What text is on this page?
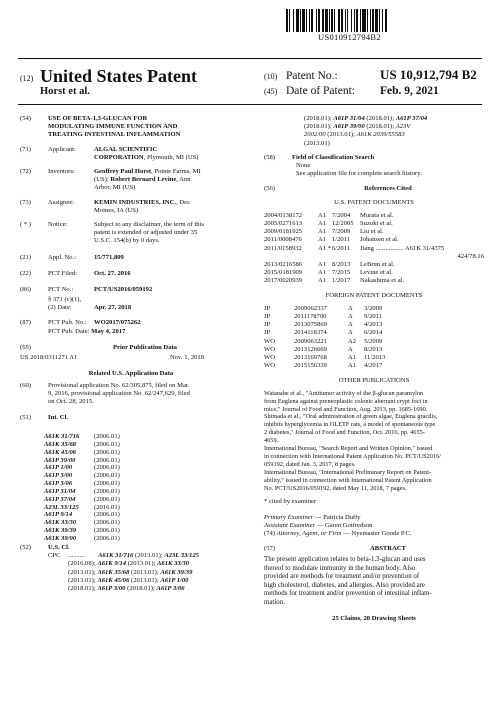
US010912794B2
(12) United States Patent
Horst et al.
(10) Patent No.:	US 10,912,794 B2
(45) Date of Patent:	Feb. 9, 2021
(54)	USE OF BETA-1,3-GLUCAN FOR
MODULATING IMMUNE FUNCTION AND
TREATING INTESTINAL INFLAMMATION
(71)	Applicant:	ALGAL SCIENTIFIC
CORPORATION, Plymouth, MI (US)
(72)	Inventors:	Geoffrey Paul Horst, Pointe Farms, MI
(US); Robert Bernard Levine, Ann
Arbor, MI (US)
(73)	Assignee:	KEMIN INDUSTRIES, INC., Des
Moines, IA (US)
( * )	Notice:	Subject to any disclaimer, the term of this
patent is extended or adjusted under 35
U.S.C. 154(b) by 0 days.
(21)	Appl. No.:	15/771,809
(22)	PCT Filed:	Oct. 27, 2016
(86)	PCT No.:	PCT/US2016/059192
§ 371 (c)(1),
(2) Date:	Apr. 27, 2018
(87)	PCT Pub. No.:	WO2017/075262
PCT Pub. Date: May 4, 2017
(65)	Prior Publication Data
US 2018/0311271 A1	Nov. 1, 2018
Related U.S. Application Data
(60)	Provisional application No. 62/305,875, filed on Mar.
9, 2016, provisional application No. 62/247,629, filed
on Oct. 28, 2015.
(51)	Int. Cl.
A61K 31/716	(2006.01)
A61K 35/68	(2006.01)
A61K 45/06	(2006.01)
A61P 39/00	(2006.01)
A61P 1/00	(2006.01)
A61P 3/00	(2006.01)
A61P 3/06	(2006.01)
A61P 31/04	(2006.01)
A61P 37/04	(2006.01)
A23L 33/125	(2016.01)
A61P 9/14	(2006.01)
A61K 33/30	(2006.01)
A61K 39/39	(2006.01)
A61K 39/00	(2006.01)
(52)	U.S. Cl.
CPC	..........	A61K 31/716 (2013.01); A23L 33/125
(2016.08); A61K 9/14 (2013.01); A61K 33/30
(2013.01); A61K 35/68 (2013.01); A61K 39/39
(2013.01); A61K 45/06 (2013.01); A61P 1/00
(2018.01); A61P 3/00 (2018.01); A61P 3/06
(2018.01); A61P 31/04 (2018.01); A61P 37/04
(2018.01); A61P 39/00 (2018.01); A23V
2002/00 (2013.01); A61K 2039/55583
(2013.01)
(58)	Field of Classification Search
None
See application file for complete search history.
(56)	References Cited
U.S. PATENT DOCUMENTS
2004/0138172	A1 7/2004	Murata et al.
2005/0271613	A1 12/2005 Suzuki et al.
2009/0181925	A1 7/2009	Liu et al.
2011/0008476	A1 1/2011	Johansen et al.
2011/0158932	A1 * 6/2011	Jiang ................. A61K 31/4375
424/78.16
2013/0216586	A1 8/2013	LeBrun et al.
2015/0181909	A1 7/2015	Levine et al.
2017/0020939	A1 1/2017	Nakashima et al.
FOREIGN PATENT DOCUMENTS
JP	2009062337	A	3/2009
JP	2011178700	A	9/2011
JP	2013075869	A	4/2013
JP	2014118374	A	6/2014
WO	2009063221	A2	5/2009
WO	2013126669	A	8/2013
WO	2013169768	A1	11/2013
WO	2015156339	A1	4/2017
OTHER PUBLICATIONS
Watanabe et al., "Antitumor activity of the β-glucan paramylon
from Euglena against preneoplastic colonic aberrant crypt foci in
mice," Journal of Food and Function, Aug. 2013, pp. 1685-1690.
Shimada et al., "Oral administration of green algae, Euglena gracilis,
inhibits hyperglycemia in OLETF rats, a model of spontaneous type
2 diabetes," Journal of Food and Function, Oct. 2016, pp. 4655-
4659.
International Bureau, "Search Report and Written Opinion," issued
in connection with International Patent Application No. PCT/US2016/
059192, dated Jan. 3, 2017, 8 pages.
International Bureau, "International Preliminary Report on Patent-
ability," issued in connection with International Patent Application
No. PCT/US2016/059192, dated May 11, 2018, 7 pages.
* cited by examiner
Primary Examiner — Patricia Duffy
Assistant Examiner — Garen Gotfredson
(74) Attorney, Agent, or Firm — Nyemaster Goode P.C.
(57)	ABSTRACT
The present application relates to beta-1,3-glucan and uses
thereof to modulate immunity in the human body. Also
provided are methods for treatment and/or prevention of
high cholesterol, diabetes, and allergies. Also provided are
methods for treatment and/or prevention of intestinal inflam-
mation.
25 Claims, 28 Drawing Sheets
